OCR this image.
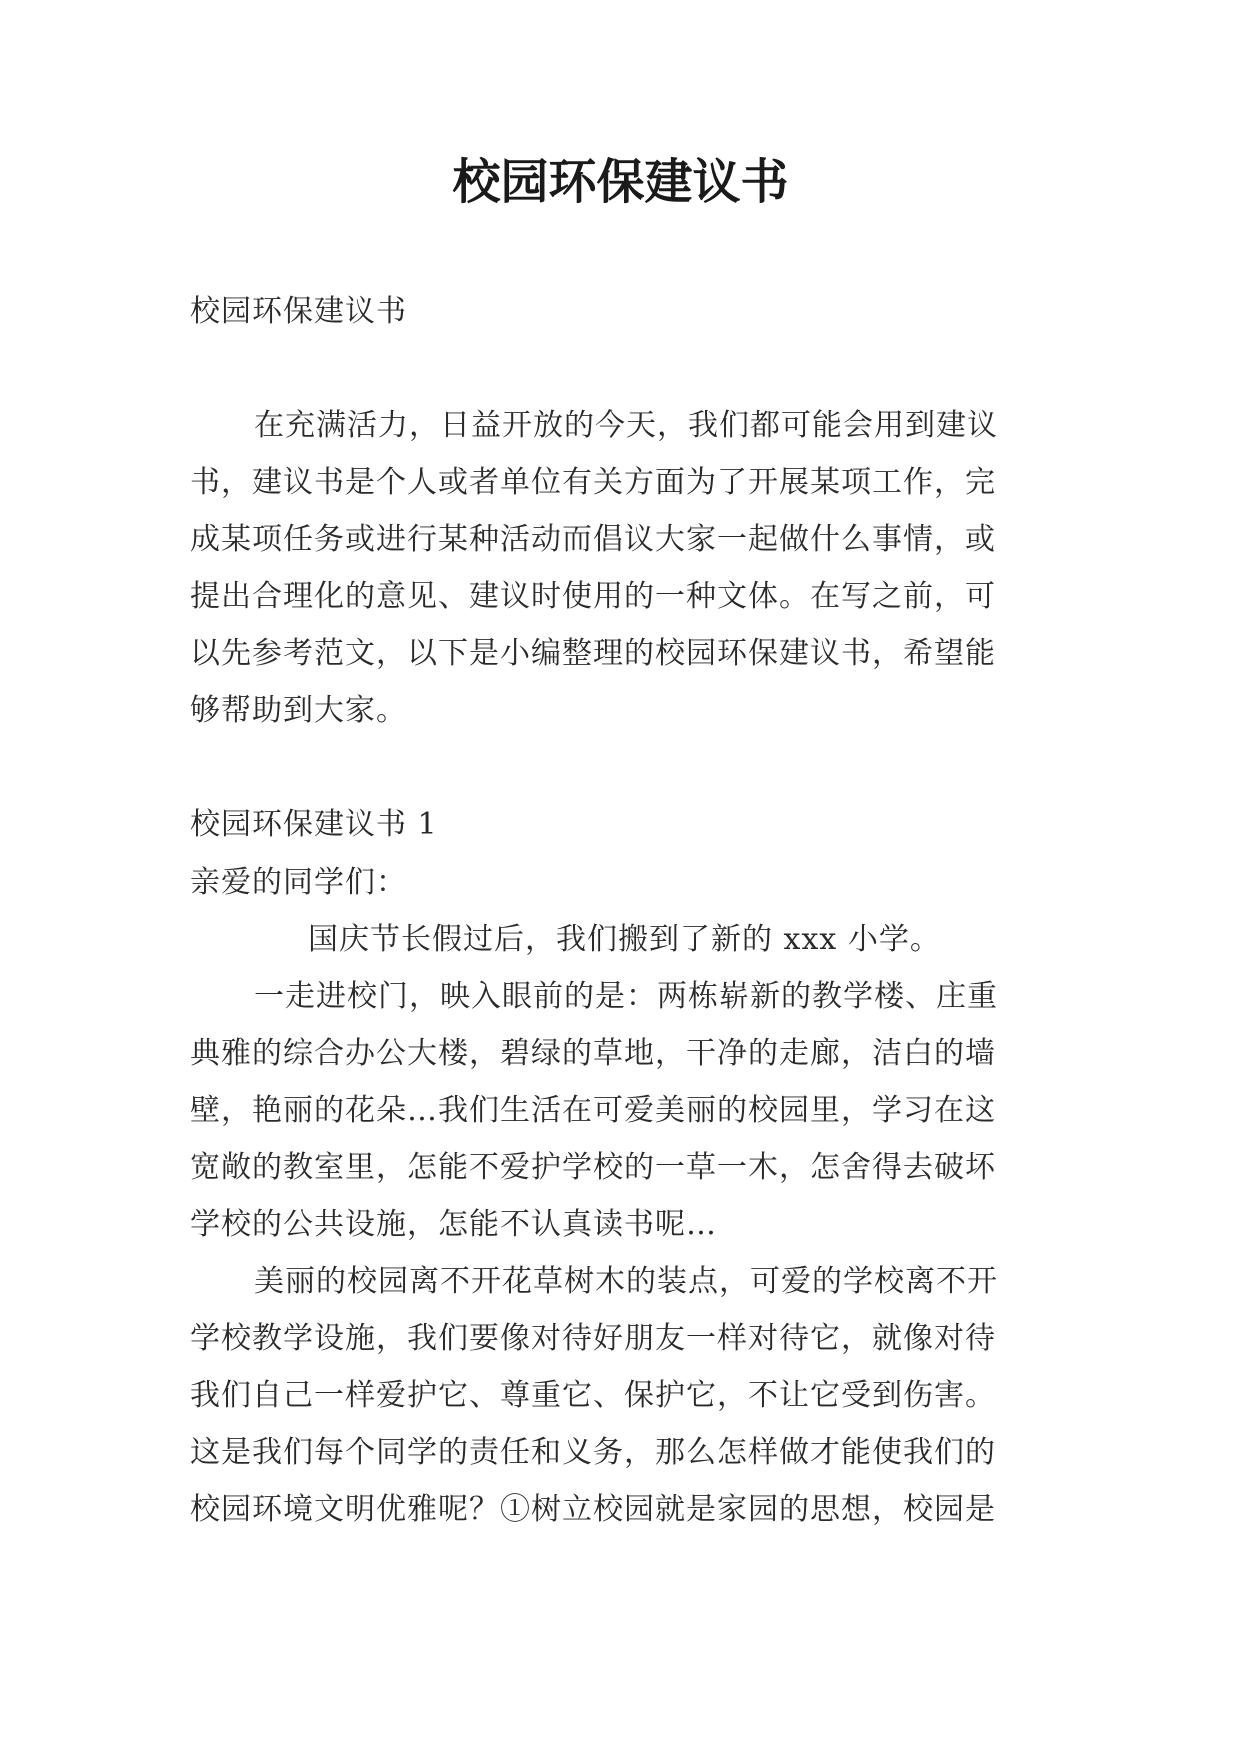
校园环保建议书
校园环保建议书
在充满活力，日益开放的今天，我们都可能会用到建议
书，建议书是个人或者单位有关方面为了开展某项工作，完
成某项任务或进行某种活动而倡议大家一起做什么事情，或
提出合理化的意见、建议时使用的一种文体。在写之前，可
以先参考范文，以下是小编整理的校园环保建议书，希望能
够帮助到大家。
校园环保建议书 1
亲爱的同学们：
国庆节长假过后，我们搬到了新的 xxx 小学。
一走进校门，映入眼前的是：两栋崭新的教学楼、庄重
典雅的综合办公大楼，碧绿的草地，干净的走廊，洁白的墙
壁，艳丽的花朵…我们生活在可爱美丽的校园里，学习在这
宽敞的教室里，怎能不爱护学校的一草一木，怎舍得去破坏
学校的公共设施，怎能不认真读书呢…
美丽的校园离不开花草树木的装点，可爱的学校离不开
学校教学设施，我们要像对待好朋友一样对待它，就像对待
我们自己一样爱护它、尊重它、保护它，不让它受到伤害。
这是我们每个同学的责任和义务，那么怎样做才能使我们的
校园环境文明优雅呢？①树立校园就是家园的思想，校园是
